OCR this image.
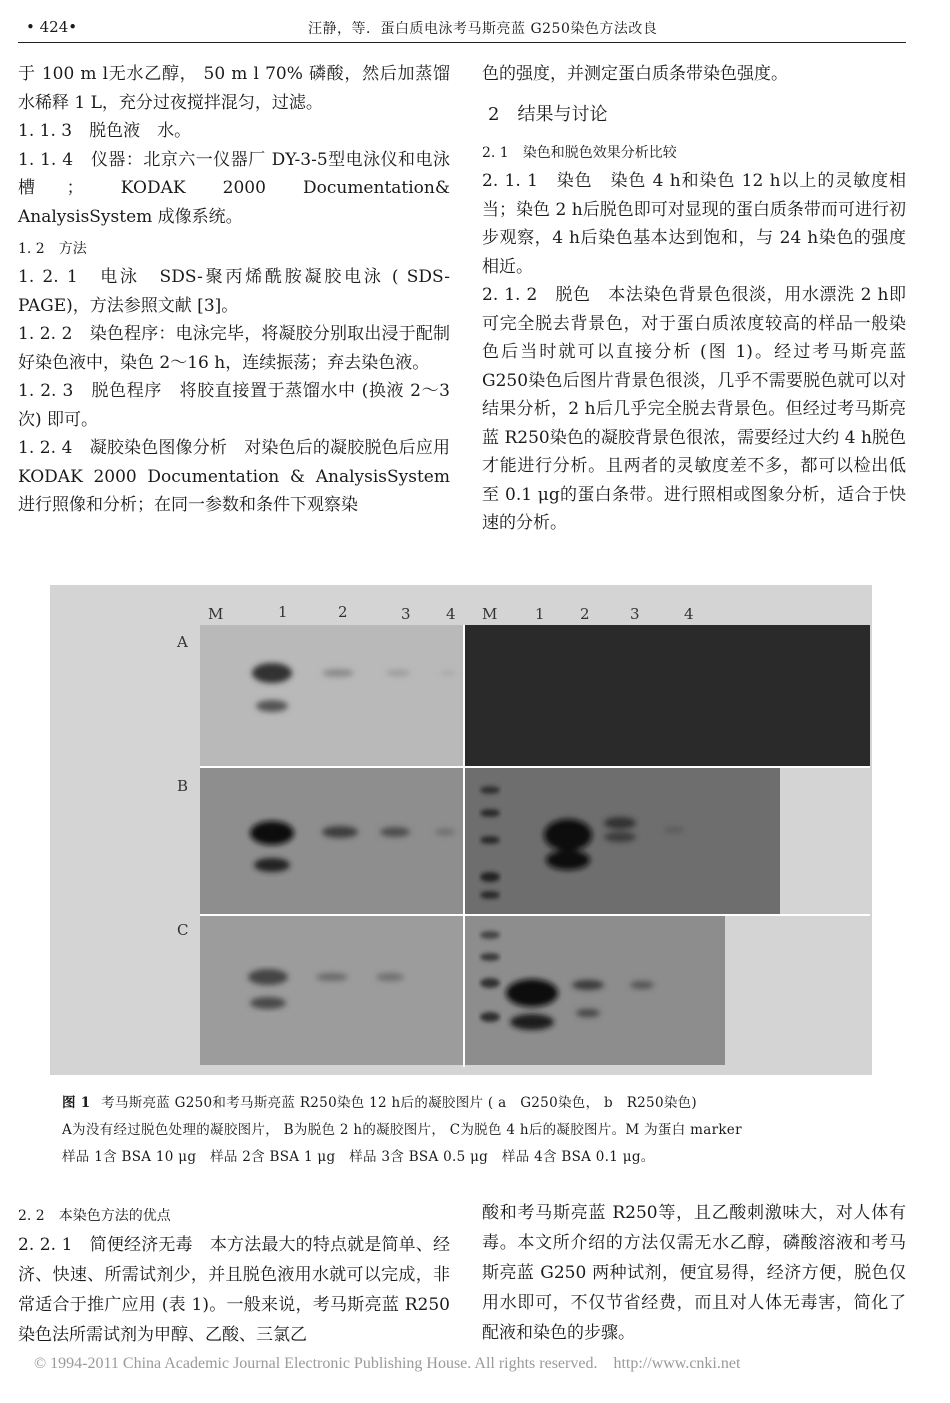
• 424•	汪静，等．蛋白质电泳考马斯亮蓝 G250染色方法改良

于 100 m l无水乙醇， 50 m l 70% 磷酸，然后加蒸馏水稀释 1 L，充分过夜搅拌混匀，过滤。

1. 1. 3　脱色液　水。

1. 1. 4　仪器：北京六一仪器厂 DY-3-5型电泳仪和电泳槽； KODAK 2000 Documentation& AnalysisSystem 成像系统。

1. 2　方法

1. 2. 1　电泳　SDS-聚丙烯酰胺凝胶电泳 ( SDS-PAGE)，方法参照文献 [3]。

1. 2. 2　染色程序：电泳完毕，将凝胶分别取出浸于配制好染色液中，染色 2～16 h，连续振荡；弃去染色液。

1. 2. 3　脱色程序　将胶直接置于蒸馏水中 (换液 2～3次) 即可。

1. 2. 4　凝胶染色图像分析　对染色后的凝胶脱色后应用 KODAK 2000 Documentation & AnalysisSystem 进行照像和分析；在同一参数和条件下观察染

色的强度，并测定蛋白质条带染色强度。

2　结果与讨论

2. 1　染色和脱色效果分析比较

2. 1. 1　染色　染色 4 h和染色 12 h以上的灵敏度相当；染色 2 h后脱色即可对显现的蛋白质条带而可进行初步观察，4 h后染色基本达到饱和，与 24 h染色的强度相近。

2. 1. 2　脱色　本法染色背景色很淡，用水漂洗 2 h即可完全脱去背景色，对于蛋白质浓度较高的样品一般染色后当时就可以直接分析 (图 1)。经过考马斯亮蓝 G250染色后图片背景色很淡，几乎不需要脱色就可以对结果分析，2 h后几乎完全脱去背景色。但经过考马斯亮蓝 R250染色的凝胶背景色很浓，需要经过大约 4 h脱色才能进行分析。且两者的灵敏度差不多，都可以检出低至 0.1 μg的蛋白条带。进行照相或图象分析，适合于快速的分析。

M	1	2	3 4 M	1 2	3	4
A
B
C
图 1 考马斯亮蓝 G250和考马斯亮蓝 R250染色 12 h后的凝胶图片 ( a　G250染色， b　R250染色)
A为没有经过脱色处理的凝胶图片， B为脱色 2 h的凝胶图片， C为脱色 4 h后的凝胶图片。M 为蛋白 marker
样品 1含 BSA 10 μg　样品 2含 BSA 1 μg　样品 3含 BSA 0.5 μg　样品 4含 BSA 0.1 μg。

2. 2　本染色方法的优点

2. 2. 1　简便经济无毒　本方法最大的特点就是简单、经济、快速、所需试剂少，并且脱色液用水就可以完成，非常适合于推广应用 (表 1)。一般来说，考马斯亮蓝 R250染色法所需试剂为甲醇、乙酸、三氯乙

酸和考马斯亮蓝 R250等，且乙酸刺激味大，对人体有毒。本文所介绍的方法仅需无水乙醇，磷酸溶液和考马斯亮蓝 G250 两种试剂，便宜易得，经济方便，脱色仅用水即可，不仅节省经费，而且对人体无毒害，简化了配液和染色的步骤。

© 1994-2011 China Academic Journal Electronic Publishing House. All rights reserved.　http://www.cnki.net
